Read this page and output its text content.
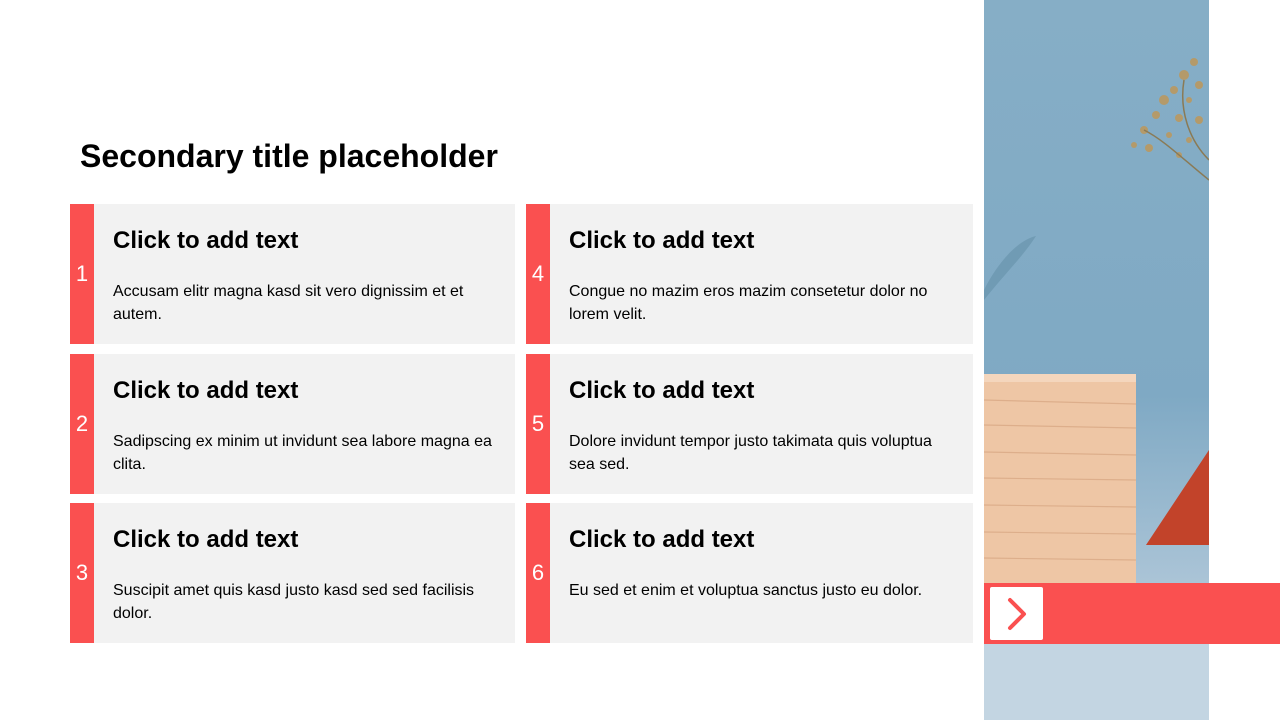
Secondary title placeholder
1

Click to add text

Accusam elitr magna kasd sit vero dignissim et et autem.

2

Click to add text

Sadipscing ex minim ut invidunt sea labore magna ea clita.

3

Click to add text

Suscipit amet quis kasd justo kasd sed sed facilisis dolor.

4

Click to add text

Congue no mazim eros mazim consetetur dolor no lorem velit.

5

Click to add text

Dolore invidunt tempor justo takimata quis voluptua sea sed.

6

Click to add text

Eu sed et enim et voluptua sanctus justo eu dolor.
